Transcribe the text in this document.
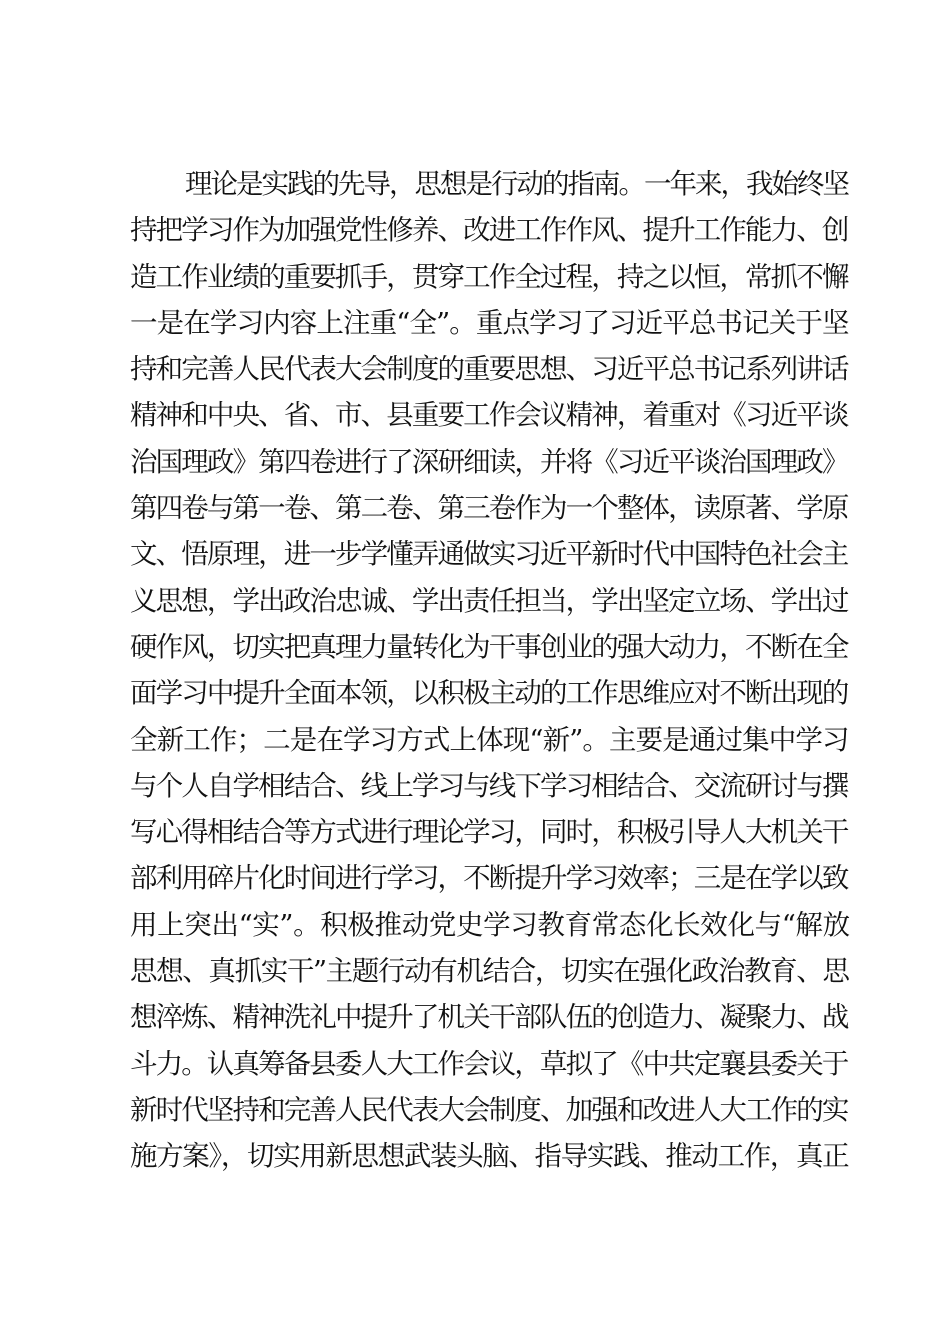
理论是实践的先导，思想是行动的指南。一年来，我始终坚
持把学习作为加强党性修养、改进工作作风、提升工作能力、创
造工作业绩的重要抓手，贯穿工作全过程，持之以恒，常抓不懈
一是在学习内容上注重“全”。重点学习了习近平总书记关于坚
持和完善人民代表大会制度的重要思想、习近平总书记系列讲话
精神和中央、省、市、县重要工作会议精神，着重对《习近平谈
治国理政》第四卷进行了深研细读，并将《习近平谈治国理政》
第四卷与第一卷、第二卷、第三卷作为一个整体，读原著、学原
文、悟原理，进一步学懂弄通做实习近平新时代中国特色社会主
义思想，学出政治忠诚、学出责任担当，学出坚定立场、学出过
硬作风，切实把真理力量转化为干事创业的强大动力，不断在全
面学习中提升全面本领，以积极主动的工作思维应对不断出现的
全新工作；二是在学习方式上体现“新”。主要是通过集中学习
与个人自学相结合、线上学习与线下学习相结合、交流研讨与撰
写心得相结合等方式进行理论学习，同时，积极引导人大机关干
部利用碎片化时间进行学习，不断提升学习效率；三是在学以致
用上突出“实”。积极推动党史学习教育常态化长效化与“解放
思想、真抓实干”主题行动有机结合，切实在强化政治教育、思
想淬炼、精神洗礼中提升了机关干部队伍的创造力、凝聚力、战
斗力。认真筹备县委人大工作会议，草拟了《中共定襄县委关于
新时代坚持和完善人民代表大会制度、加强和改进人大工作的实
施方案》，切实用新思想武装头脑、指导实践、推动工作，真正
